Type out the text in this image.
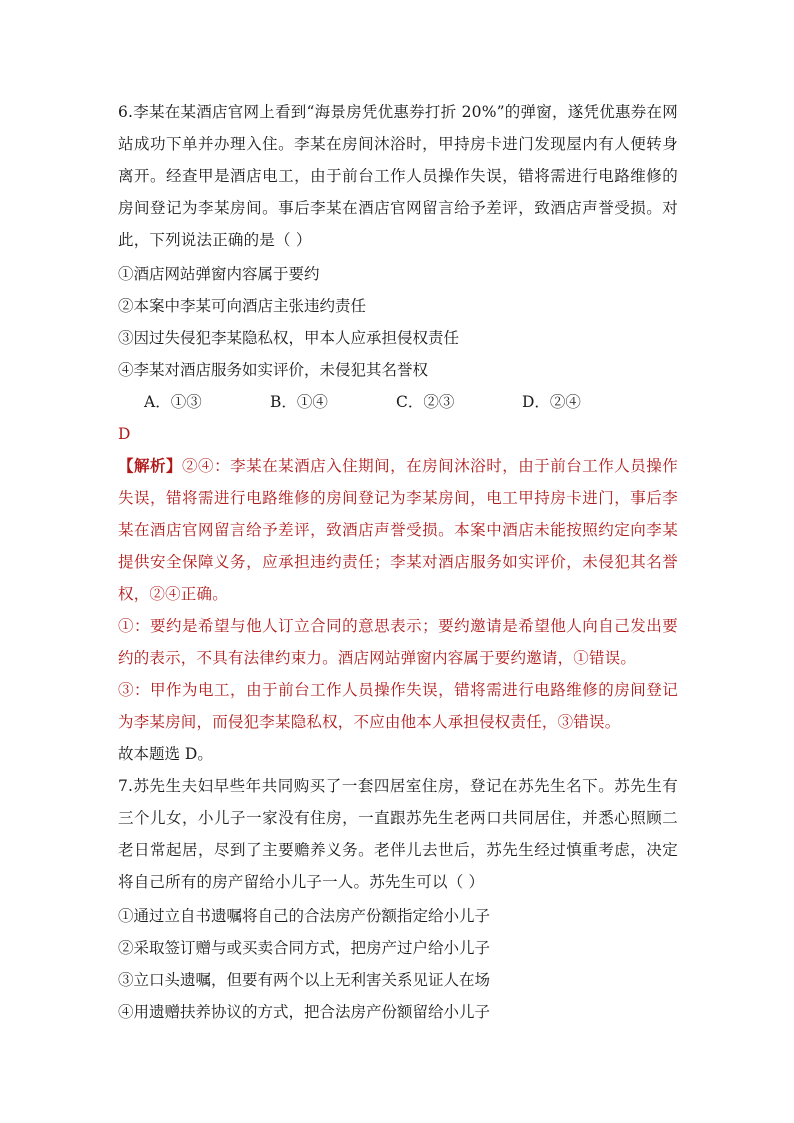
6.李某在某酒店官网上看到“海景房凭优惠券打折 20%”的弹窗，遂凭优惠券在网站成功下单并办理入住。李某在房间沐浴时，甲持房卡进门发现屋内有人便转身离开。经查甲是酒店电工，由于前台工作人员操作失误，错将需进行电路维修的房间登记为李某房间。事后李某在酒店官网留言给予差评，致酒店声誉受损。对此，下列说法正确的是（ ）

①酒店网站弹窗内容属于要约

②本案中李某可向酒店主张违约责任

③因过失侵犯李某隐私权，甲本人应承担侵权责任

④李某对酒店服务如实评价，未侵犯其名誉权

A．①③	B．①④	C．②③	D．②④

D

【解析】②④：李某在某酒店入住期间，在房间沐浴时，由于前台工作人员操作失误，错将需进行电路维修的房间登记为李某房间，电工甲持房卡进门，事后李某在酒店官网留言给予差评，致酒店声誉受损。本案中酒店未能按照约定向李某提供安全保障义务，应承担违约责任；李某对酒店服务如实评价，未侵犯其名誉权，②④正确。

①：要约是希望与他人订立合同的意思表示；要约邀请是希望他人向自己发出要约的表示，不具有法律约束力。酒店网站弹窗内容属于要约邀请，①错误。

③：甲作为电工，由于前台工作人员操作失误，错将需进行电路维修的房间登记为李某房间，而侵犯李某隐私权，不应由他本人承担侵权责任，③错误。

故本题选 D。

7.苏先生夫妇早些年共同购买了一套四居室住房，登记在苏先生名下。苏先生有三个儿女，小儿子一家没有住房，一直跟苏先生老两口共同居住，并悉心照顾二老日常起居，尽到了主要赡养义务。老伴儿去世后，苏先生经过慎重考虑，决定将自己所有的房产留给小儿子一人。苏先生可以（ ）

①通过立自书遗嘱将自己的合法房产份额指定给小儿子

②采取签订赠与或买卖合同方式，把房产过户给小儿子

③立口头遗嘱，但要有两个以上无利害关系见证人在场

④用遗赠扶养协议的方式，把合法房产份额留给小儿子
